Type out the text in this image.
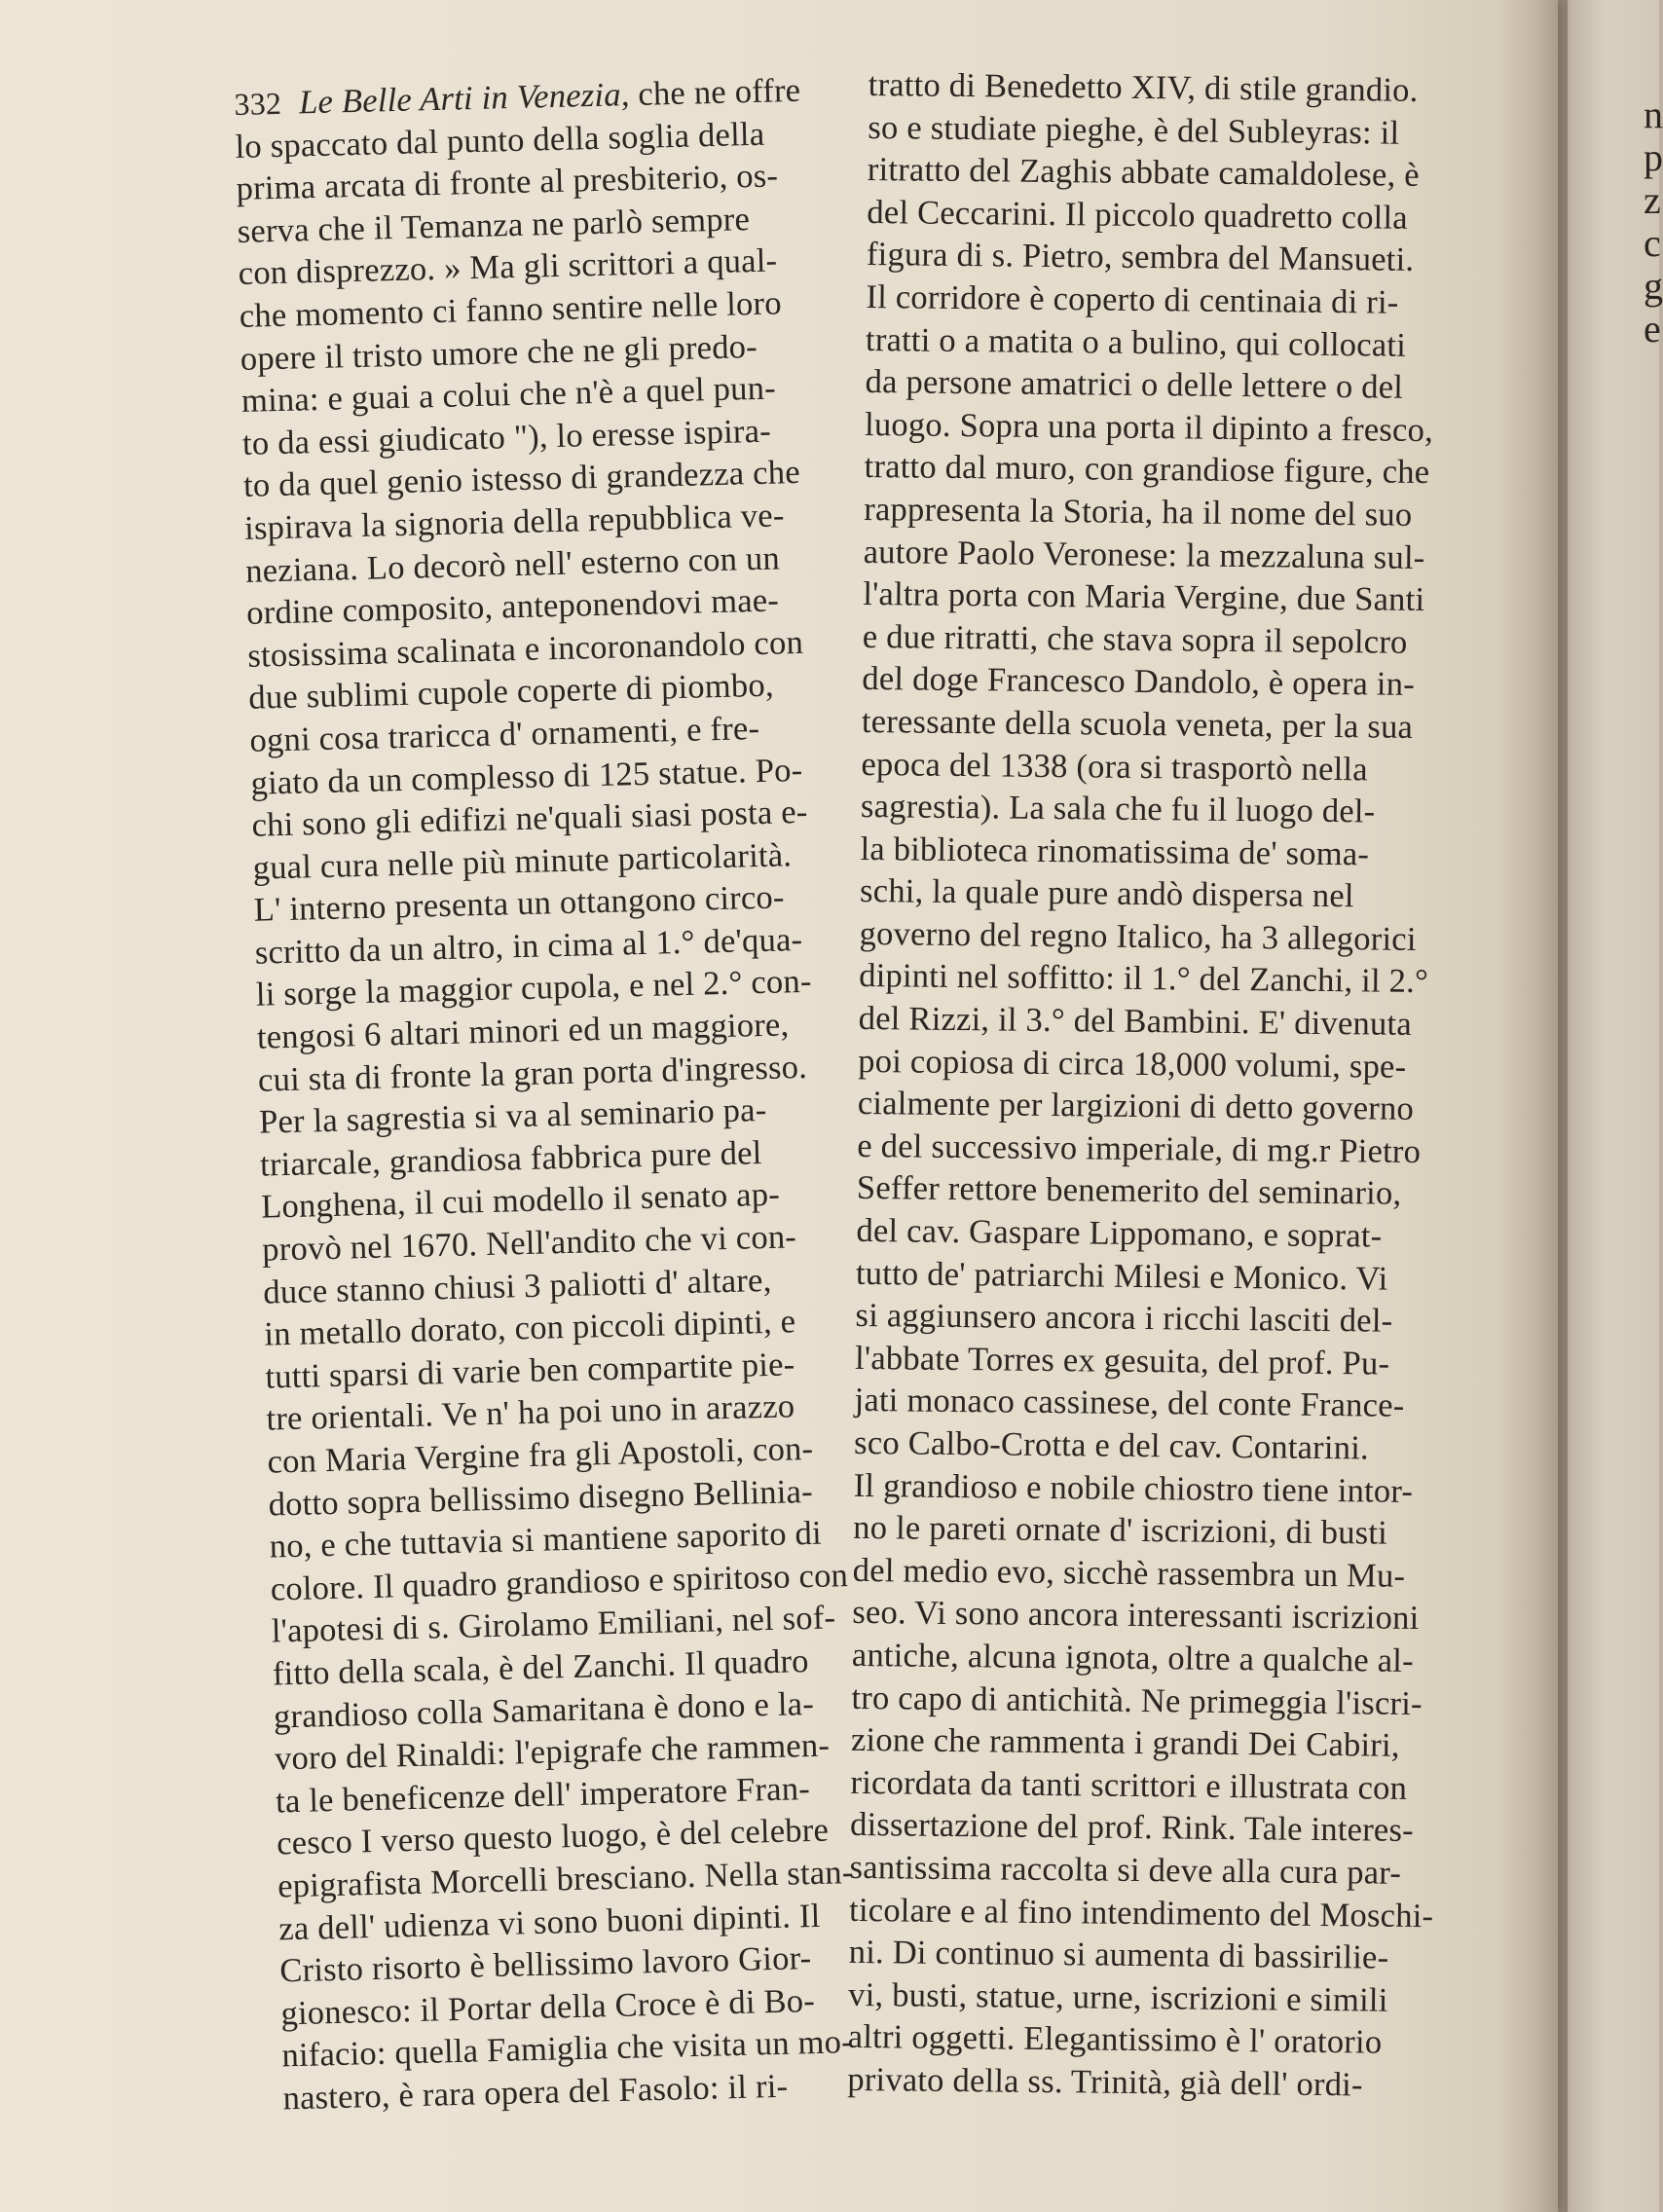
332 Le Belle Arti in Venezia, che ne offre
lo spaccato dal punto della soglia della
prima arcata di fronte al presbiterio, os-
serva che il Temanza ne parlò sempre
con disprezzo. » Ma gli scrittori a qual-
che momento ci fanno sentire nelle loro
opere il tristo umore che ne gli predo-
mina: e guai a colui che n'è a quel pun-
to da essi giudicato "), lo eresse ispira-
to da quel genio istesso di grandezza che
ispirava la signoria della repubblica ve-
neziana. Lo decorò nell' esterno con un
ordine composito, anteponendovi mae-
stosissima scalinata e incoronandolo con
due sublimi cupole coperte di piombo,
ogni cosa traricca d' ornamenti, e fre-
giato da un complesso di 125 statue. Po-
chi sono gli edifizi ne'quali siasi posta e-
gual cura nelle più minute particolarità.
L' interno presenta un ottangono circo-
scritto da un altro, in cima al 1.° de'qua-
li sorge la maggior cupola, e nel 2.° con-
tengosi 6 altari minori ed un maggiore,
cui sta di fronte la gran porta d'ingresso.
Per la sagrestia si va al seminario pa-
triarcale, grandiosa fabbrica pure del
Longhena, il cui modello il senato ap-
provò nel 1670. Nell'andito che vi con-
duce stanno chiusi 3 paliotti d' altare,
in metallo dorato, con piccoli dipinti, e
tutti sparsi di varie ben compartite pie-
tre orientali. Ve n' ha poi uno in arazzo
con Maria Vergine fra gli Apostoli, con-
dotto sopra bellissimo disegno Belliniа-
no, e che tuttavia si mantiene saporito di
colore. Il quadro grandioso e spiritoso con
l'apotesi di s. Girolamo Emiliani, nel sof-
fitto della scala, è del Zanchi. Il quadro
grandioso colla Samaritana è dono e la-
voro del Rinaldi: l'epigrafe che rammen-
ta le beneficenze dell' imperatore Fran-
cesco I verso questo luogo, è del celebre
epigrafista Morcelli bresciano. Nella stan-
za dell' udienza vi sono buoni dipinti. Il
Cristo risorto è bellissimo lavoro Gior-
gionesco: il Portar della Croce è di Bo-
nifacio: quella Famiglia che visita un mo-
nastero, è rara opera del Fasolo: il ri-
tratto di Benedetto XIV, di stile grandio.
so e studiate pieghe, è del Subleyras: il
ritratto del Zaghis abbate camaldolese, è
del Ceccarini. Il piccolo quadretto colla
figura di s. Pietro, sembra del Mansueti.
Il corridore è coperto di centinaia di ri-
tratti o a matita o a bulino, qui collocati
da persone amatrici o delle lettere o del
luogo. Sopra una porta il dipinto a fresco,
tratto dal muro, con grandiose figure, che
rappresenta la Storia, ha il nome del suo
autore Paolo Veronese: la mezzaluna sul-
l'altra porta con Maria Vergine, due Santi
e due ritratti, che stava sopra il sepolcro
del doge Francesco Dandolo, è opera in-
teressante della scuola veneta, per la sua
epoca del 1338 (ora si trasportò nella
sagrestia). La sala che fu il luogo del-
la biblioteca rinomatissima de' soma-
schi, la quale pure andò dispersa nel
governo del regno Italico, ha 3 allegorici
dipinti nel soffitto: il 1.° del Zanchi, il 2.°
del Rizzi, il 3.° del Bambini. E' divenuta
poi copiosa di circa 18,000 volumi, spe-
cialmente per largizioni di detto governo
e del successivo imperiale, di mg.r Pietro
Seffer rettore benemerito del seminario,
del cav. Gaspare Lippomano, e soprat-
tutto de' patriarchi Milesi e Monico. Vi
si aggiunsero ancora i ricchi lasciti del-
l'abbate Torres ex gesuita, del prof. Pu-
jati monaco cassinese, del conte France-
sco Calbo-Crotta e del cav. Contarini.
Il grandioso e nobile chiostro tiene intor-
no le pareti ornate d' iscrizioni, di busti
del medio evo, sicchè rassembra un Mu-
seo. Vi sono ancora interessanti iscrizioni
antiche, alcuna ignota, oltre a qualche al-
tro capo di antichità. Ne primeggia l'iscri-
zione che rammenta i grandi Dei Cabiri,
ricordata da tanti scrittori e illustrata con
dissertazione del prof. Rink. Tale interes-
santissima raccolta si deve alla cura par-
ticolare e al fino intendimento del Moschi-
ni. Di continuo si aumenta di bassirilie-
vi, busti, statue, urne, iscrizioni e simili
altri oggetti. Elegantissimo è l' oratorio
privato della ss. Trinità, già dell' ordi-
n
p
z
c
g
e
